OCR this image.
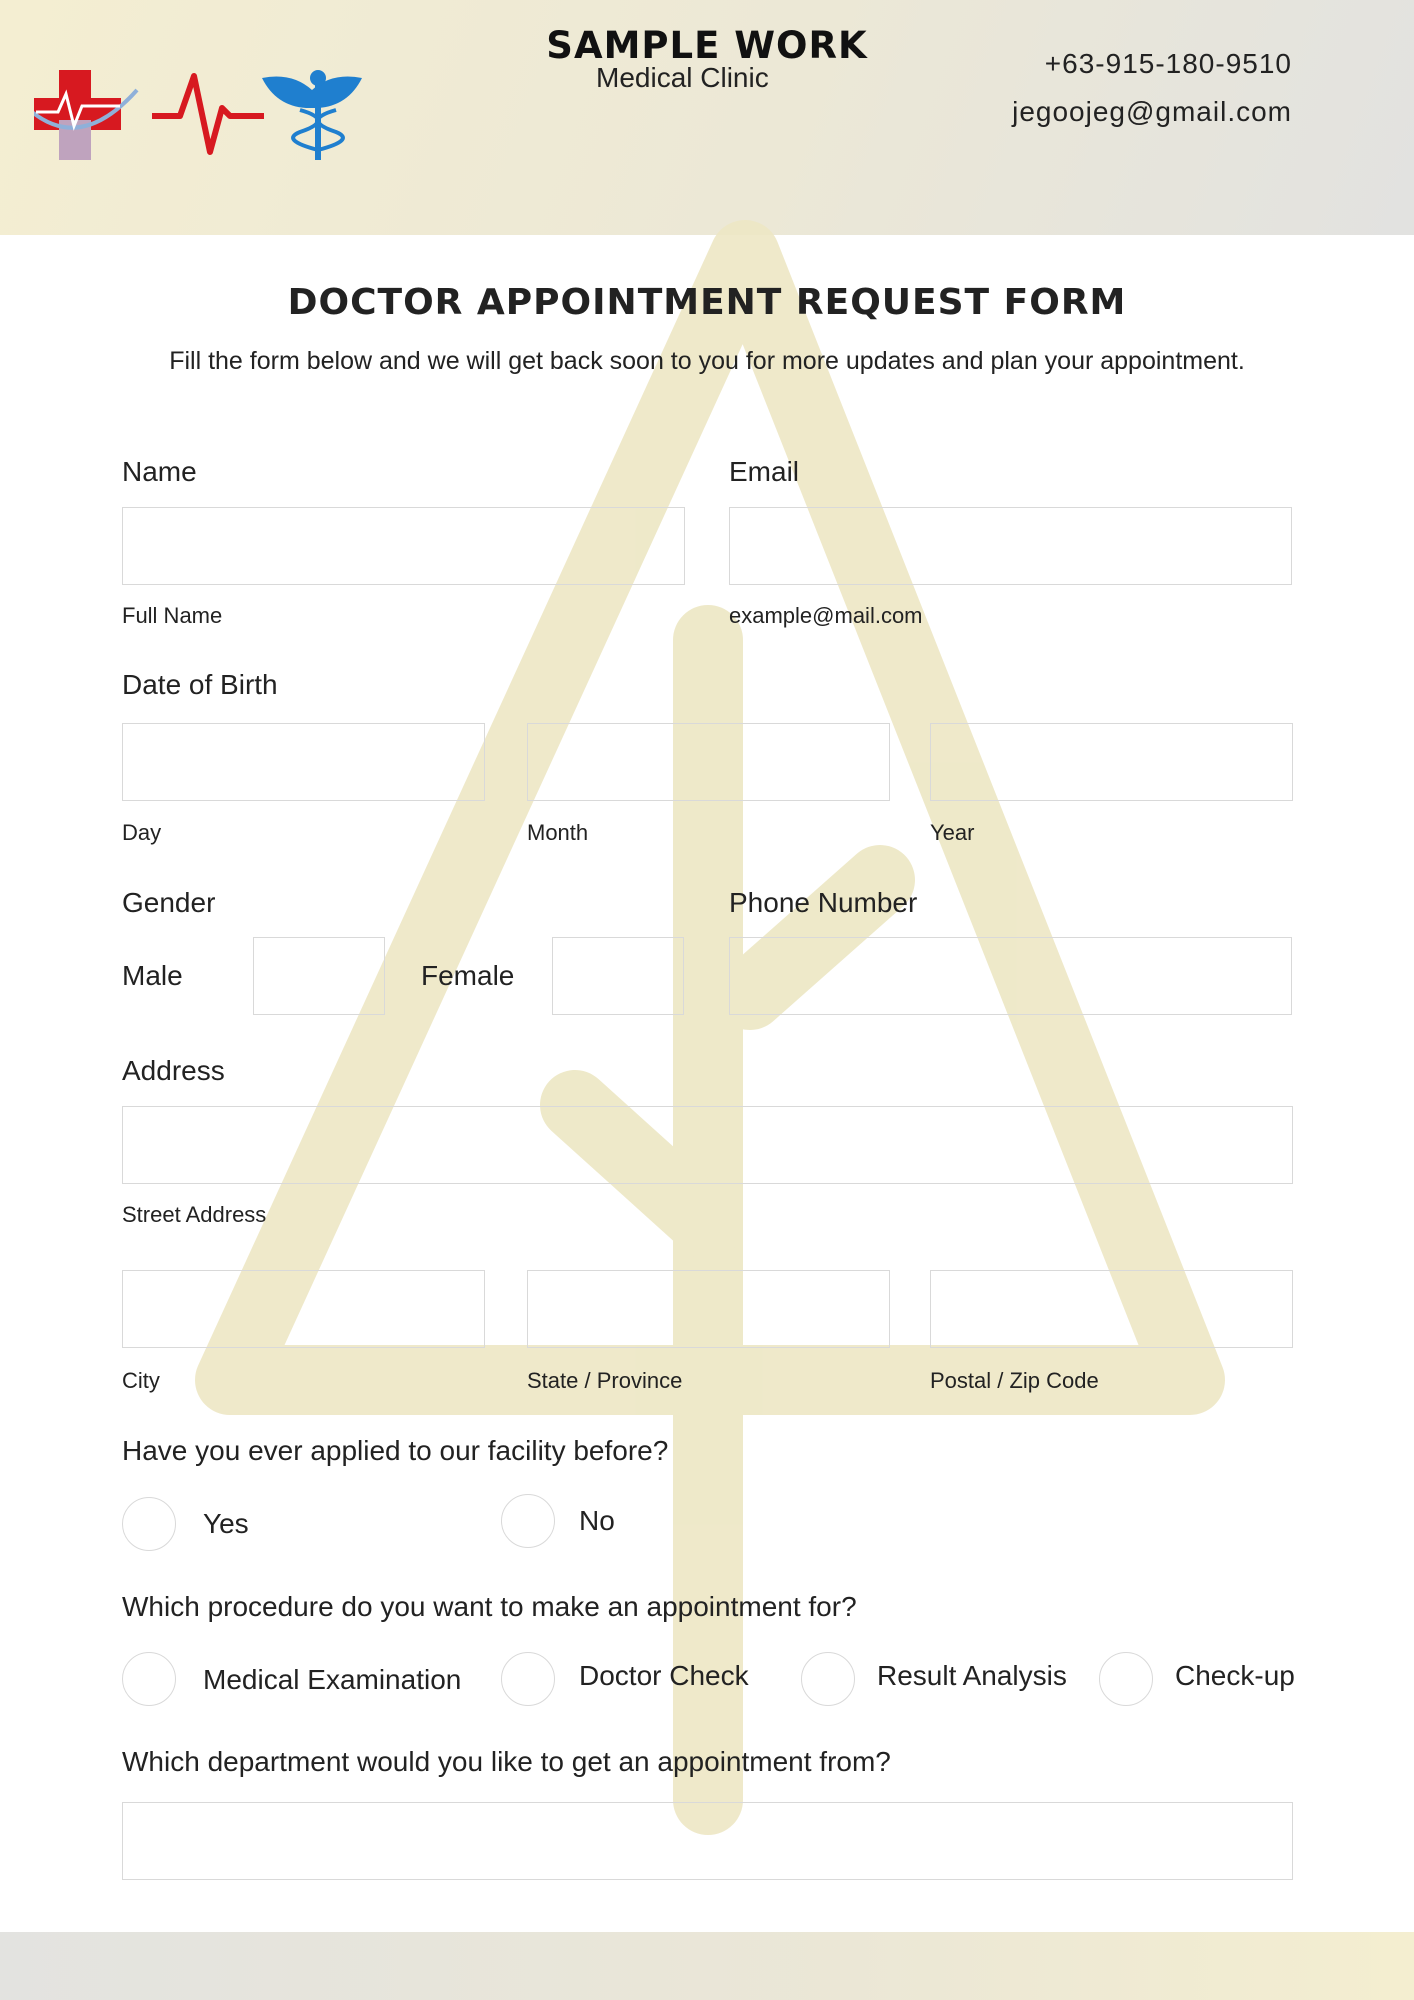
SAMPLE WORK
Medical Clinic	+63-915-180-9510
jegoojeg@gmail.com
DOCTOR APPOINTMENT REQUEST FORM
Fill the form below and we will get back soon to you for more updates and plan your appointment.
Name
Full Name
Email
example@mail.com
Date of Birth
Day	Month	Year
Gender
Male	Female
Phone Number
Address
Street Address
City	State / Province	Postal / Zip Code
Have you ever applied to our facility before?
Yes	No
Which procedure do you want to make an appointment for?
Medical Examination	Doctor Check	Result Analysis	Check-up
Which department would you like to get an appointment from?
